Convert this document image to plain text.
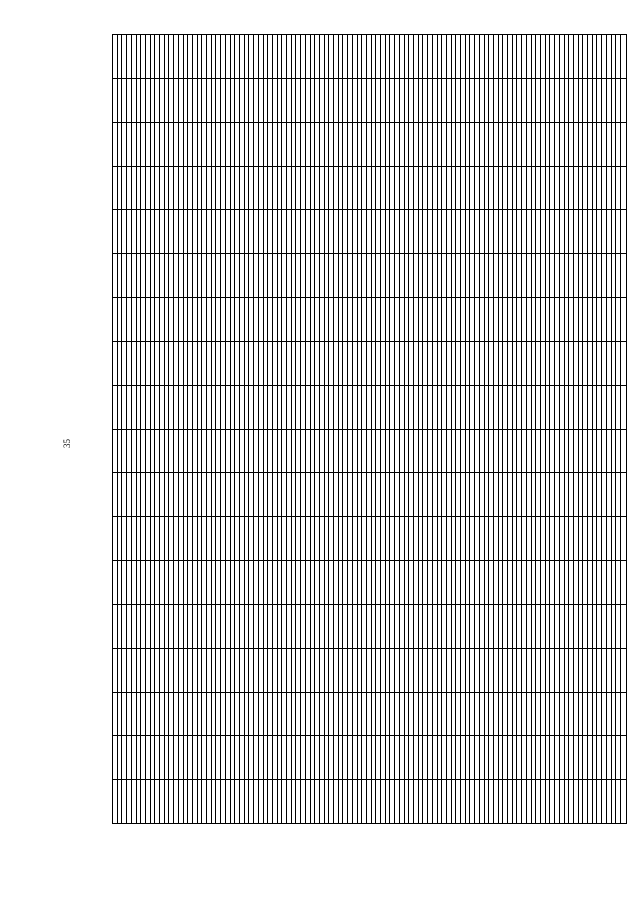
35
